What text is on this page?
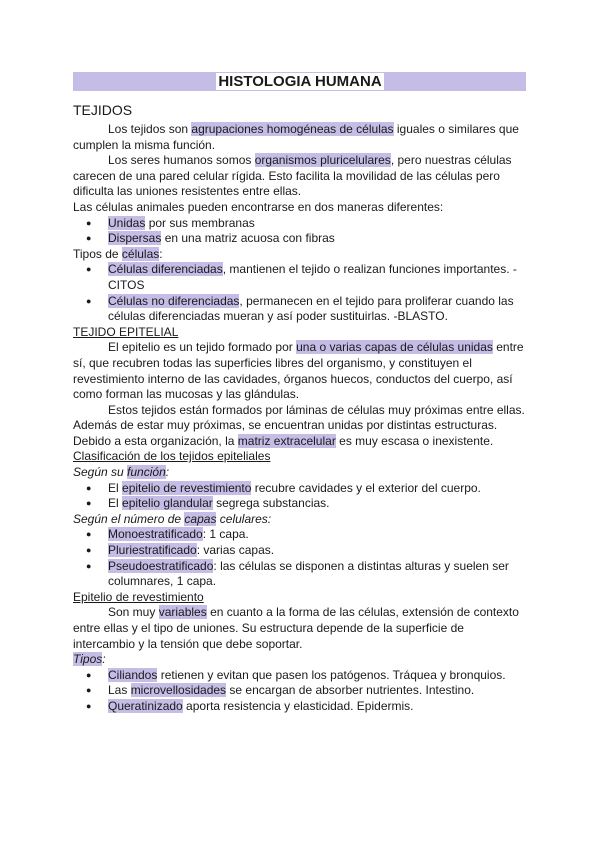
HISTOLOGIA HUMANA
TEJIDOS

Los tejidos son agrupaciones homogéneas de células iguales o similares que cumplen la misma función.

Los seres humanos somos organismos pluricelulares, pero nuestras células carecen de una pared celular rígida. Esto facilita la movilidad de las células pero dificulta las uniones resistentes entre ellas.

Las células animales pueden encontrarse en dos maneras diferentes:

● Unidas por sus membranas
● Dispersas en una matriz acuosa con fibras

Tipos de células:

● Células diferenciadas, mantienen el tejido o realizan funciones importantes. -CITOS
● Células no diferenciadas, permanecen en el tejido para proliferar cuando las células diferenciadas mueran y así poder sustituirlas. -BLASTO.

TEJIDO EPITELIAL

El epitelio es un tejido formado por una o varias capas de células unidas entre sí, que recubren todas las superficies libres del organismo, y constituyen el revestimiento interno de las cavidades, órganos huecos, conductos del cuerpo, así como forman las mucosas y las glándulas.

Estos tejidos están formados por láminas de células muy próximas entre ellas. Además de estar muy próximas, se encuentran unidas por distintas estructuras. Debido a esta organización, la matriz extracelular es muy escasa o inexistente.

Clasificación de los tejidos epiteliales

Según su función:

● El epitelio de revestimiento recubre cavidades y el exterior del cuerpo.
● El epitelio glandular segrega substancias.

Según el número de capas celulares:

● Monoestratificado: 1 capa.
● Pluriestratificado: varias capas.
● Pseudoestratificado: las células se disponen a distintas alturas y suelen ser columnares, 1 capa.

Epitelio de revestimiento

Son muy variables en cuanto a la forma de las células, extensión de contexto entre ellas y el tipo de uniones. Su estructura depende de la superficie de intercambio y la tensión que debe soportar.

Tipos:

● Ciliandos retienen y evitan que pasen los patógenos. Tráquea y bronquios.
● Las microvellosidades se encargan de absorber nutrientes. Intestino.
● Queratinizado aporta resistencia y elasticidad. Epidermis.
